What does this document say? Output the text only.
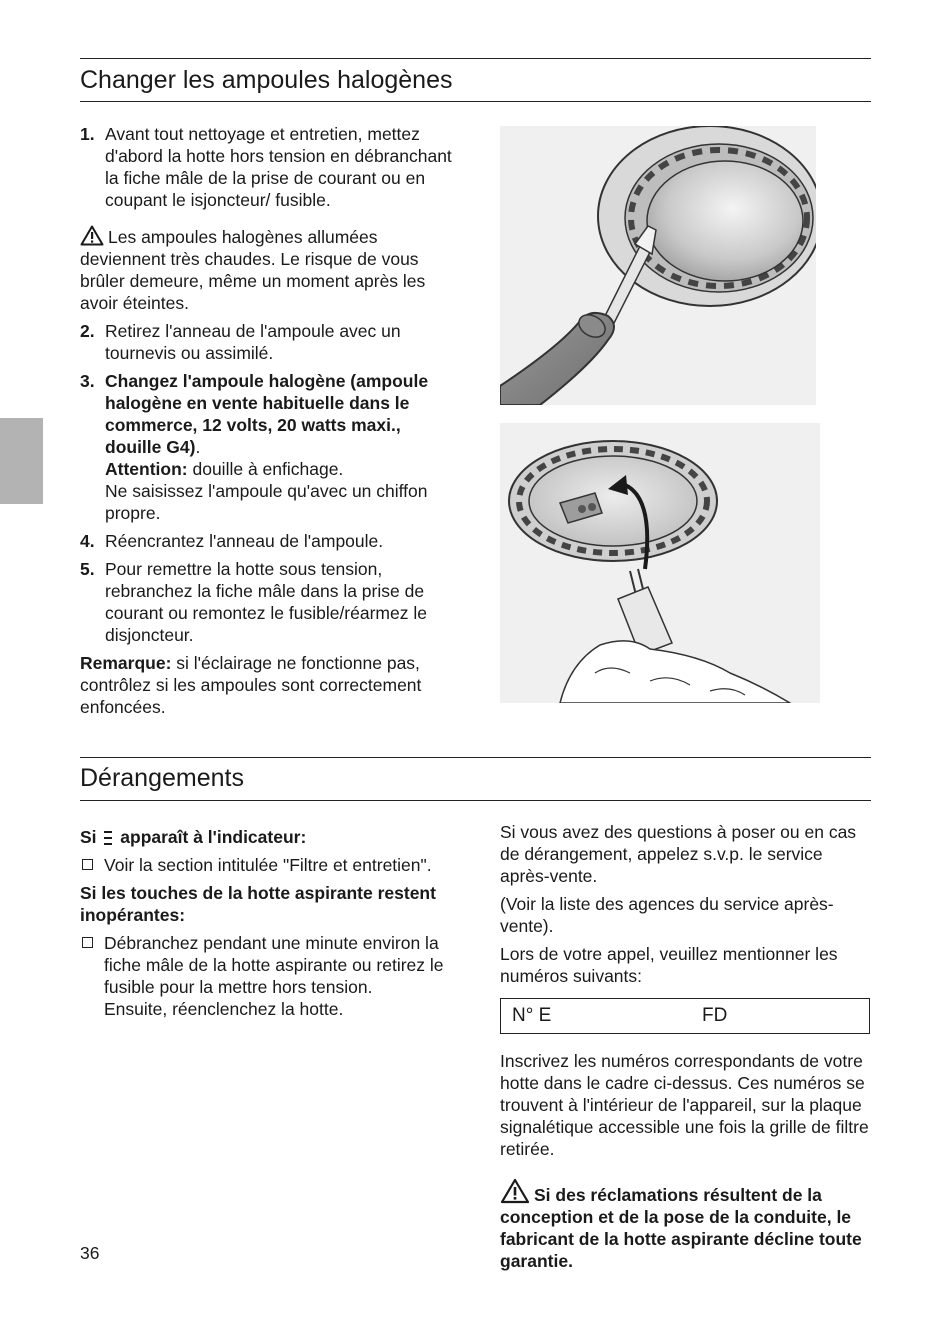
Changer les ampoules halogènes
1. Avant tout nettoyage et entretien, mettez d'abord la hotte hors tension en débranchant la fiche mâle de la prise de courant ou en coupant le isjoncteur/ fusible.

Les ampoules halogènes allumées deviennent très chaudes. Le risque de vous brûler demeure, même un moment après les avoir éteintes.

2. Retirez l'anneau de l'ampoule avec un tournevis ou assimilé.
3. Changez l'ampoule halogène (ampoule halogène en vente habituelle dans le commerce, 12 volts, 20 watts maxi., douille G4).
Attention: douille à enfichage.
Ne saisissez l'ampoule qu'avec un chiffon propre.
4. Réencrantez l'anneau de l'ampoule.
5. Pour remettre la hotte sous tension, rebranchez la fiche mâle dans la prise de courant ou remontez le fusible/réarmez le disjoncteur.

Remarque: si l'éclairage ne fonctionne pas, contrôlez si les ampoules sont correctement enfoncées.

Dérangements

Si  apparaît à l'indicateur:

Voir la section intitulée "Filtre et entretien".

Si les touches de la hotte aspirante restent inopérantes:

Débranchez pendant une minute environ la fiche mâle de la hotte aspirante ou retirez le fusible pour la mettre hors tension.
Ensuite, réenclenchez la hotte.

Si vous avez des questions à poser ou en cas de dérangement, appelez s.v.p. le service après-vente.

(Voir la liste des agences du service après-vente).

Lors de votre appel, veuillez mentionner les numéros suivants:

N° E	FD

Inscrivez les numéros correspondants de votre hotte dans le cadre ci-dessus. Ces numéros se trouvent à l'intérieur de l'appareil, sur la plaque signalétique accessible une fois la grille de filtre retirée.

Si des réclamations résultent de la conception et de la pose de la conduite, le fabricant de la hotte aspirante décline toute garantie.

36
